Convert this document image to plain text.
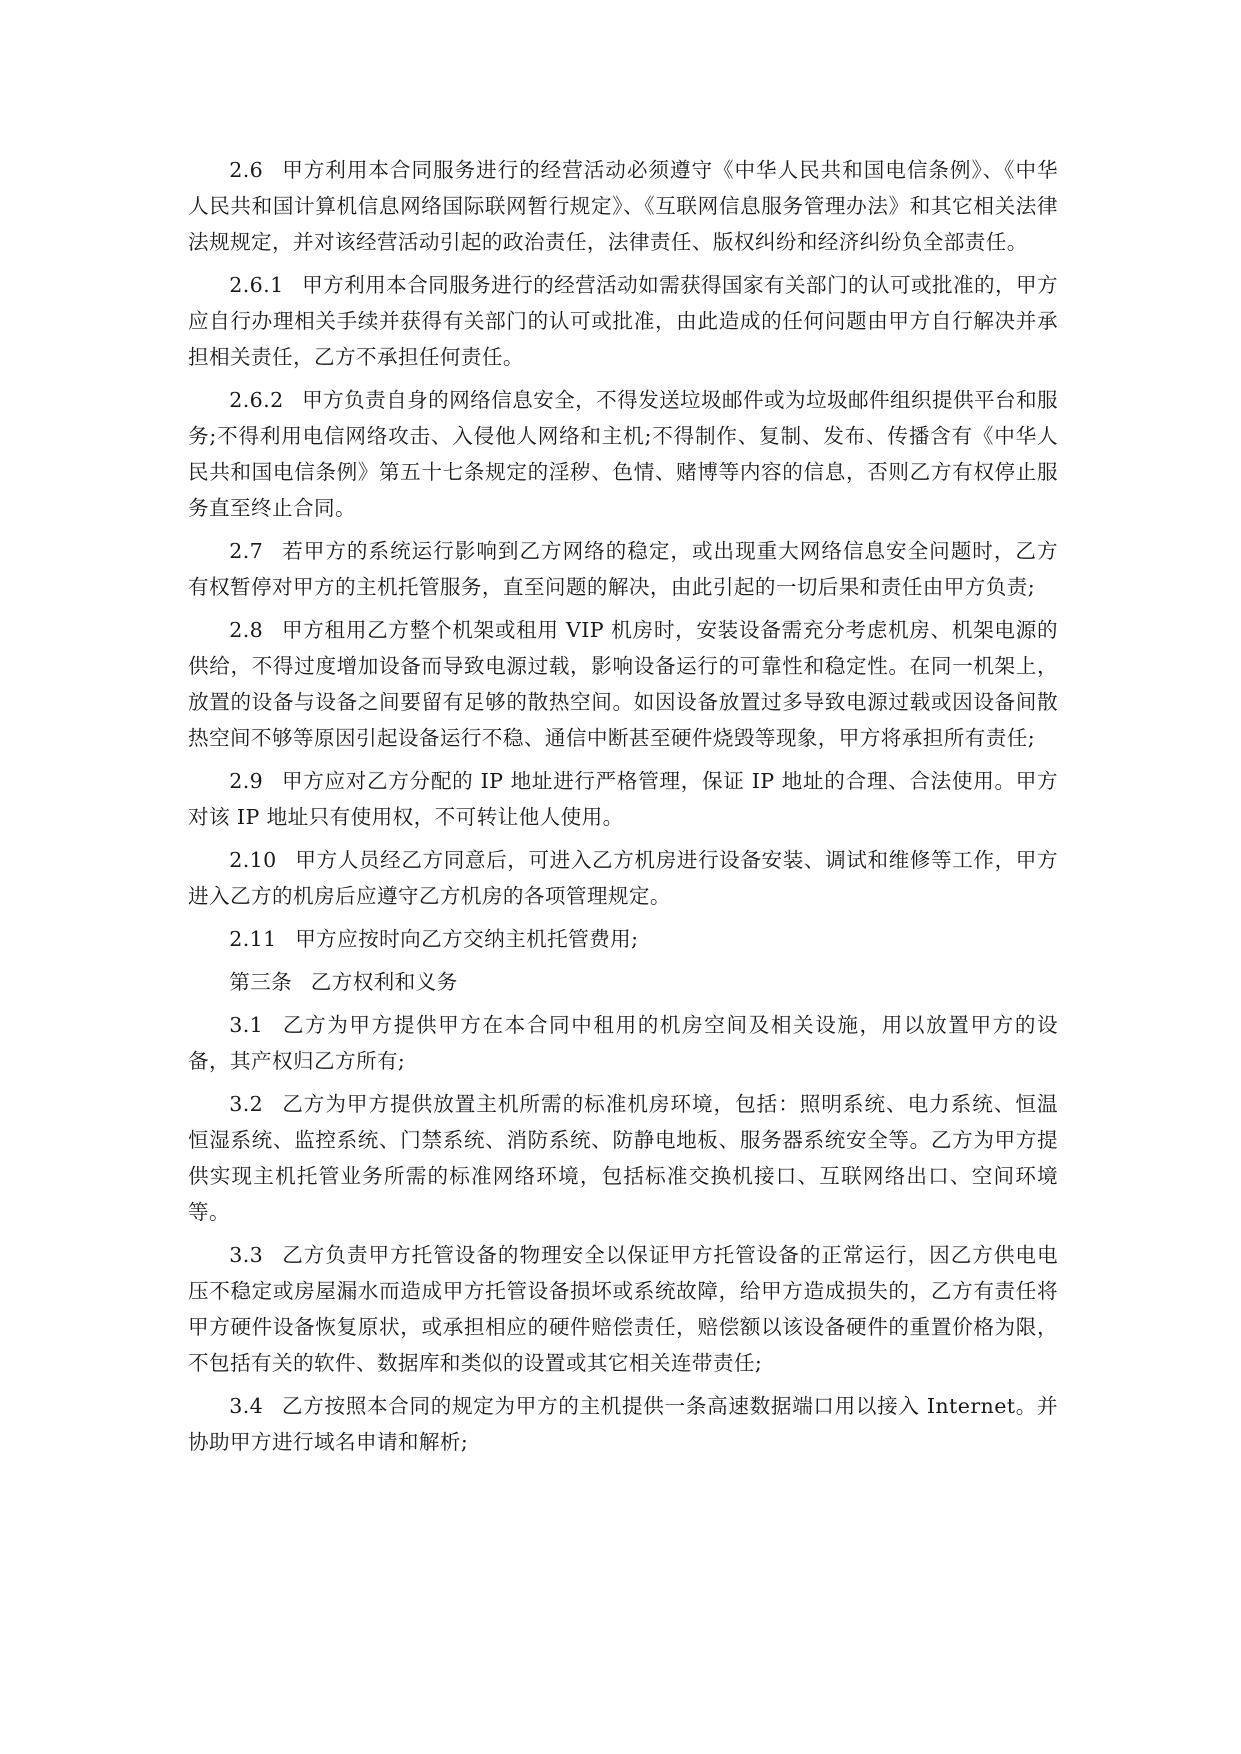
2.6 甲方利用本合同服务进行的经营活动必须遵守《中华人民共和国电信条例》、《中华人民共和国计算机信息网络国际联网暂行规定》、《互联网信息服务管理办法》和其它相关法律法规规定，并对该经营活动引起的政治责任，法律责任、版权纠纷和经济纠纷负全部责任。

2.6.1 甲方利用本合同服务进行的经营活动如需获得国家有关部门的认可或批准的，甲方应自行办理相关手续并获得有关部门的认可或批准，由此造成的任何问题由甲方自行解决并承担相关责任，乙方不承担任何责任。

2.6.2 甲方负责自身的网络信息安全，不得发送垃圾邮件或为垃圾邮件组织提供平台和服务;不得利用电信网络攻击、入侵他人网络和主机;不得制作、复制、发布、传播含有《中华人民共和国电信条例》第五十七条规定的淫秽、色情、赌博等内容的信息，否则乙方有权停止服务直至终止合同。

2.7 若甲方的系统运行影响到乙方网络的稳定，或出现重大网络信息安全问题时，乙方有权暂停对甲方的主机托管服务，直至问题的解决，由此引起的一切后果和责任由甲方负责;

2.8 甲方租用乙方整个机架或租用 VIP 机房时，安装设备需充分考虑机房、机架电源的供给，不得过度增加设备而导致电源过载，影响设备运行的可靠性和稳定性。在同一机架上，放置的设备与设备之间要留有足够的散热空间。如因设备放置过多导致电源过载或因设备间散热空间不够等原因引起设备运行不稳、通信中断甚至硬件烧毁等现象，甲方将承担所有责任;

2.9 甲方应对乙方分配的 IP 地址进行严格管理，保证 IP 地址的合理、合法使用。甲方对该 IP 地址只有使用权，不可转让他人使用。

2.10 甲方人员经乙方同意后，可进入乙方机房进行设备安装、调试和维修等工作，甲方进入乙方的机房后应遵守乙方机房的各项管理规定。

2.11 甲方应按时向乙方交纳主机托管费用;

第三条 乙方权利和义务

3.1 乙方为甲方提供甲方在本合同中租用的机房空间及相关设施，用以放置甲方的设备，其产权归乙方所有;

3.2 乙方为甲方提供放置主机所需的标准机房环境，包括：照明系统、电力系统、恒温恒湿系统、监控系统、门禁系统、消防系统、防静电地板、服务器系统安全等。乙方为甲方提供实现主机托管业务所需的标准网络环境，包括标准交换机接口、互联网络出口、空间环境等。

3.3 乙方负责甲方托管设备的物理安全以保证甲方托管设备的正常运行，因乙方供电电压不稳定或房屋漏水而造成甲方托管设备损坏或系统故障，给甲方造成损失的，乙方有责任将甲方硬件设备恢复原状，或承担相应的硬件赔偿责任，赔偿额以该设备硬件的重置价格为限，不包括有关的软件、数据库和类似的设置或其它相关连带责任;

3.4 乙方按照本合同的规定为甲方的主机提供一条高速数据端口用以接入 Internet。并协助甲方进行域名申请和解析;
